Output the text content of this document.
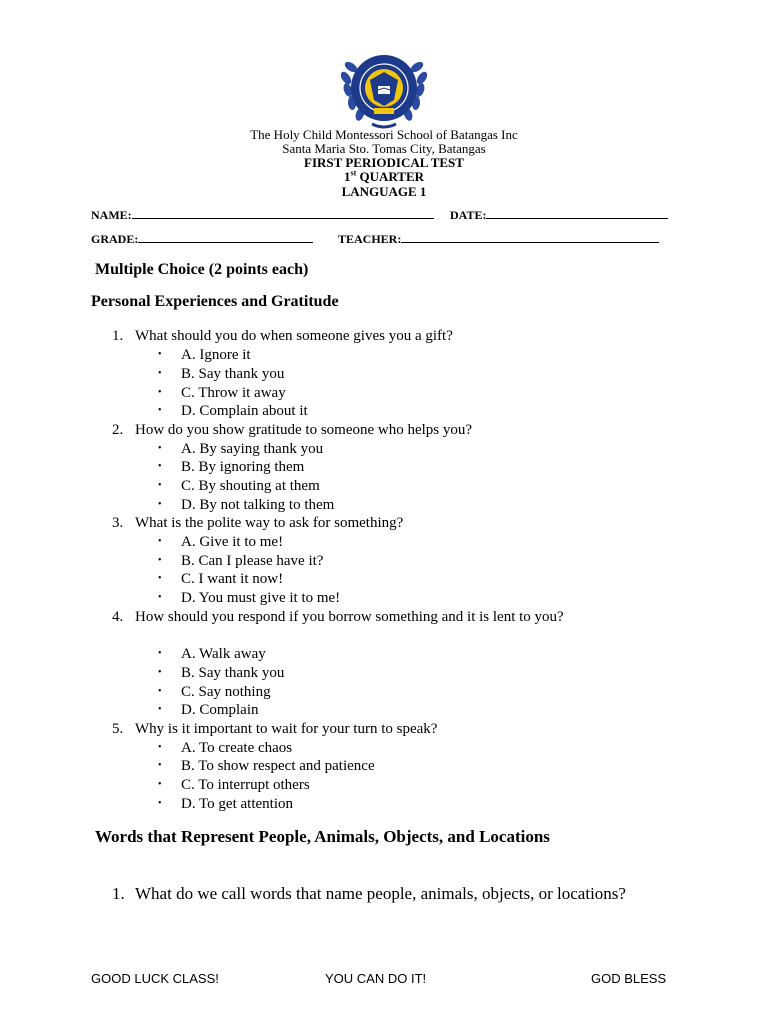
The Holy Child Montessori School of Batangas Inc
Santa Maria Sto. Tomas City, Batangas
FIRST PERIODICAL TEST
1st QUARTER
LANGUAGE 1
NAME:	DATE:
GRADE:	TEACHER:
Multiple Choice (2 points each)
Personal Experiences and Gratitude
1. What should you do when someone gives you a gift?
• A. Ignore it
• B. Say thank you
• C. Throw it away
• D. Complain about it
2. How do you show gratitude to someone who helps you?
• A. By saying thank you
• B. By ignoring them
• C. By shouting at them
• D. By not talking to them
3. What is the polite way to ask for something?
• A. Give it to me!
• B. Can I please have it?
• C. I want it now!
• D. You must give it to me!
4. How should you respond if you borrow something and it is lent to you?
• A. Walk away
• B. Say thank you
• C. Say nothing
• D. Complain
5. Why is it important to wait for your turn to speak?
• A. To create chaos
• B. To show respect and patience
• C. To interrupt others
• D. To get attention
Words that Represent People, Animals, Objects, and Locations
1. What do we call words that name people, animals, objects, or locations?
GOOD LUCK CLASS!	YOU CAN DO IT!	GOD BLESS
